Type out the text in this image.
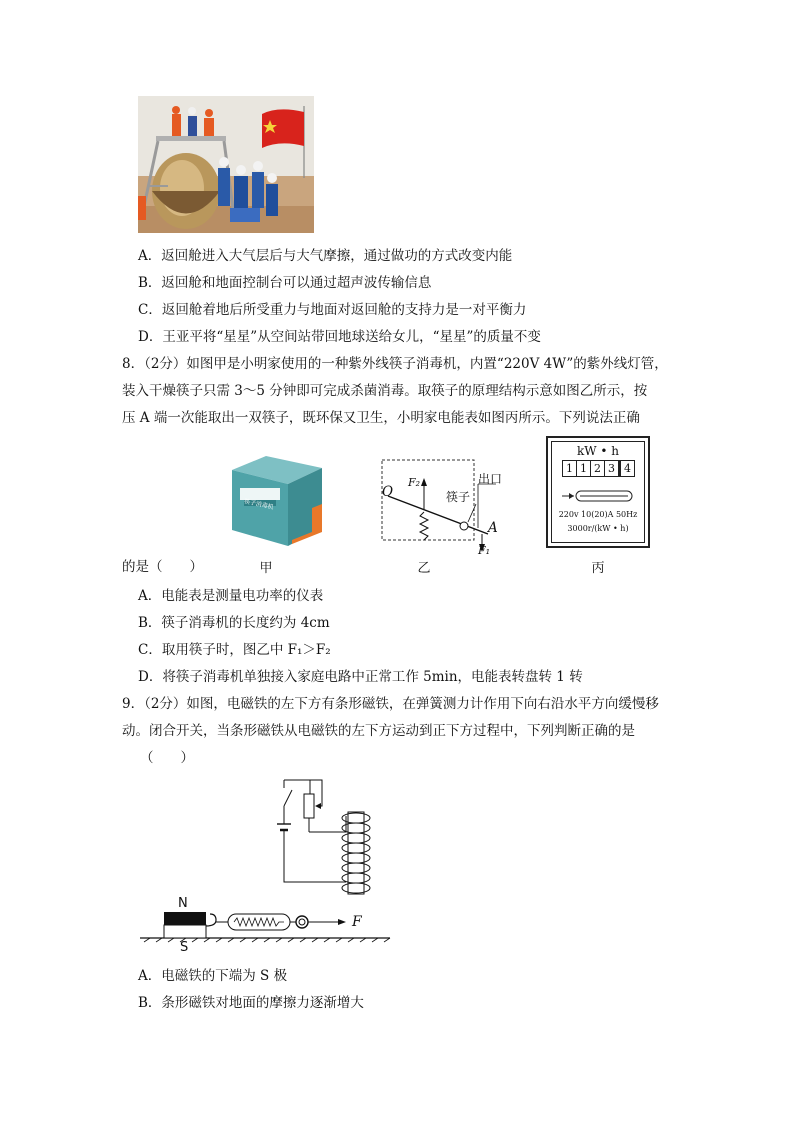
A．返回舱进入大气层后与大气摩擦，通过做功的方式改变内能
B．返回舱和地面控制台可以通过超声波传输信息
C．返回舱着地后所受重力与地面对返回舱的支持力是一对平衡力
D．王亚平将“星星”从空间站带回地球送给女儿，“星星”的质量不变
8．（2分）如图甲是小明家使用的一种紫外线筷子消毒机，内置“220V 4W”的紫外线灯管，
装入干燥筷子只需 3～5 分钟即可完成杀菌消毒。取筷子的原理结构示意如图乙所示，按
压 A 端一次能取出一双筷子，既环保又卫生，小明家电能表如图丙所示。下列说法正确
的是（　　）
筷子消毒机
O
F₂
筷子
出口
A
F₁
kW • h
1 1 2 3 4
220v 10(20)A 50Hz
3000r/(kW • h)
甲	乙	丙
A．电能表是测量电功率的仪表
B．筷子消毒机的长度约为 4cm
C．取用筷子时，图乙中 F₁＞F₂
D．将筷子消毒机单独接入家庭电路中正常工作 5min，电能表转盘转 1 转
9．（2分）如图，电磁铁的左下方有条形磁铁，在弹簧测力计作用下向右沿水平方向缓慢移
动。闭合开关，当条形磁铁从电磁铁的左下方运动到正下方过程中，下列判断正确的是
（　　）
N
S
F
A．电磁铁的下端为 S 极
B．条形磁铁对地面的摩擦力逐渐增大
